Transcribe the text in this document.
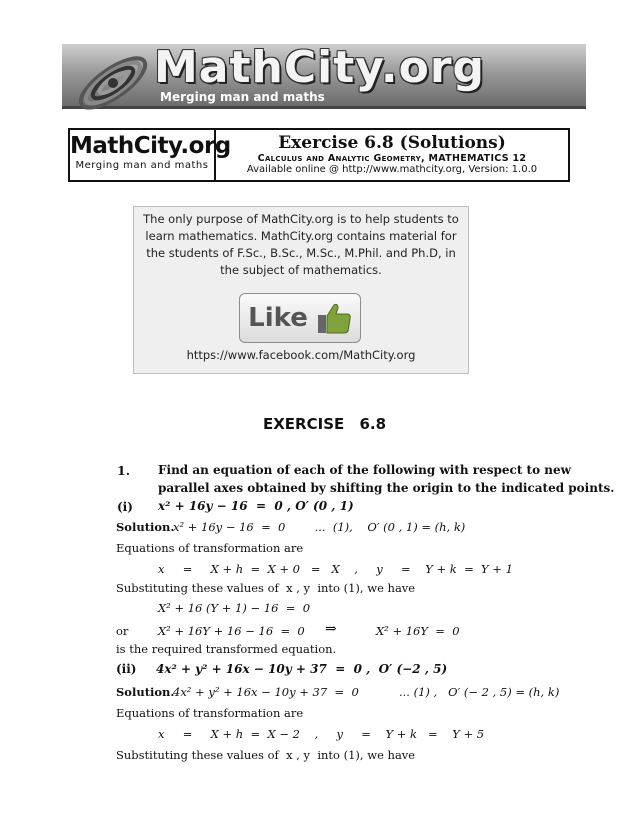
MathCity.org
Merging man and maths
MathCity.org
Merging man and maths
Exercise 6.8 (Solutions)
Calculus and Analytic Geometry, MATHEMATICS 12
Available online @ http://www.mathcity.org, Version: 1.0.0
The only purpose of MathCity.org is to help students to learn mathematics. MathCity.org contains material for the students of F.Sc., B.Sc., M.Sc., M.Phil. and Ph.D, in the subject of mathematics.
Like
https://www.facebook.com/MathCity.org
EXERCISE 6.8
1. Find an equation of each of the following with respect to new
parallel axes obtained by shifting the origin to the indicated points.
(i) x² + 16y − 16  =  0 , O′ (0 , 1)
Solution.
x² + 16y − 16  =  0        ...  (1),    O′ (0 , 1) = (h, k)
Equations of transformation are
x     =     X + h  =  X + 0   =   X    ,     y     =    Y + k  =  Y + 1
Substituting these values of  x , y  into (1), we have
X² + 16 (Y + 1) − 16  =  0
or	X² + 16Y + 16 − 16  =  0 ⇒	X² + 16Y  =  0
is the required transformed equation.
(ii) 4x² + y² + 16x − 10y + 37  =  0 ,  O′ (−2 , 5)
Solution.
4x² + y² + 16x − 10y + 37  =  0           ... (1) ,   O′ (− 2 , 5) = (h, k)
Equations of transformation are
x     =     X + h  =  X − 2    ,     y     =    Y + k   =    Y + 5
Substituting these values of  x , y  into (1), we have
